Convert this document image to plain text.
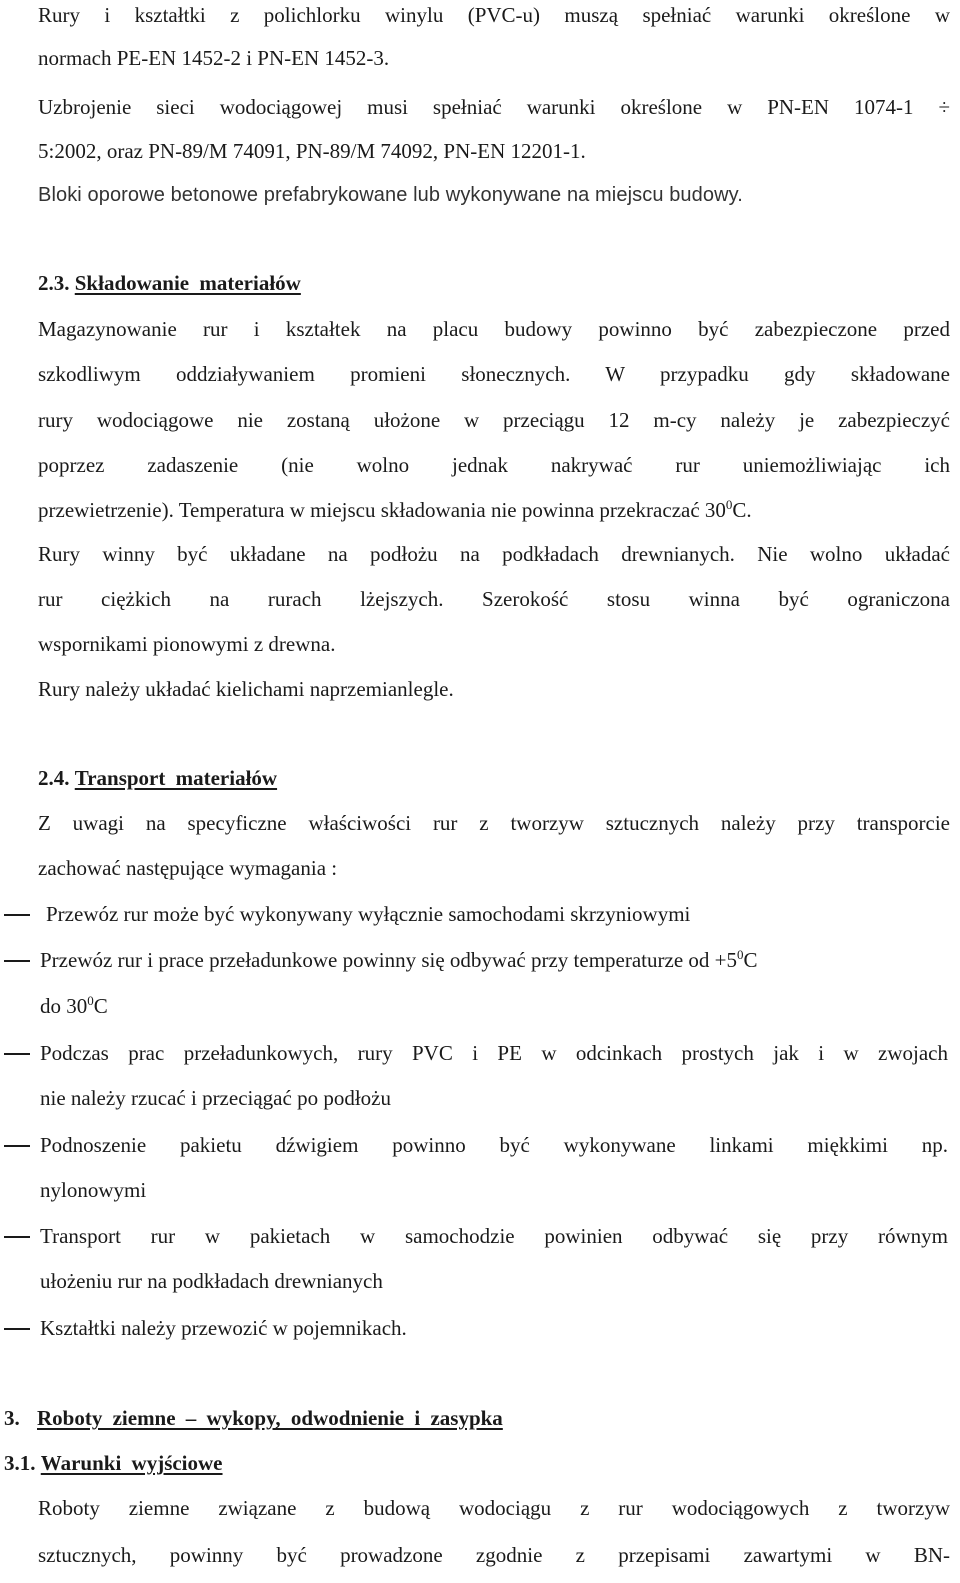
Rury i kształtki z polichlorku winylu (PVC-u) muszą spełniać warunki określone w
normach PE-EN 1452-2 i PN-EN 1452-3.
Uzbrojenie sieci wodociągowej musi spełniać warunki określone w PN-EN 1074-1 ÷
5:2002, oraz PN-89/M 74091, PN-89/M 74092, PN-EN 12201-1.
Bloki oporowe betonowe prefabrykowane lub wykonywane na miejscu budowy.
2.3. Składowanie materiałów
Magazynowanie rur i kształtek na placu budowy powinno być zabezpieczone przed
szkodliwym oddziaływaniem promieni słonecznych. W przypadku gdy składowane
rury wodociągowe nie zostaną ułożone w przeciągu 12 m-cy należy je zabezpieczyć
poprzez zadaszenie (nie wolno jednak nakrywać rur uniemożliwiając ich
przewietrzenie). Temperatura w miejscu składowania nie powinna przekraczać $30^0C$.
Rury winny być układane na podłożu na podkładach drewnianych. Nie wolno układać
rur ciężkich na rurach lżejszych. Szerokość stosu winna być ograniczona
wspornikami pionowymi z drewna.
Rury należy układać kielichami naprzemianlegle.
2.4. Transport materiałów
Z uwagi na specyficzne właściwości rur z tworzyw sztucznych należy przy transporcie
zachować następujące wymagania :
Przewóz rur może być wykonywany wyłącznie samochodami skrzyniowymi
Przewóz rur i prace przeładunkowe powinny się odbywać przy temperaturze od $+5^0C$
do $30^0C$
Podczas prac przeładunkowych, rury PVC i PE w odcinkach prostych jak i w zwojach
nie należy rzucać i przeciągać po podłożu
Podnoszenie pakietu dźwigiem powinno być wykonywane linkami miękkimi np.
nylonowymi
Transport rur w pakietach w samochodzie powinien odbywać się przy równym
ułożeniu rur na podkładach drewnianych
Kształtki należy przewozić w pojemnikach.
3. Roboty ziemne – wykopy, odwodnienie i zasypka
3.1. Warunki wyjściowe
Roboty ziemne związane z budową wodociągu z rur wodociągowych z tworzyw
sztucznych, powinny być prowadzone zgodnie z przepisami zawartymi w BN-
